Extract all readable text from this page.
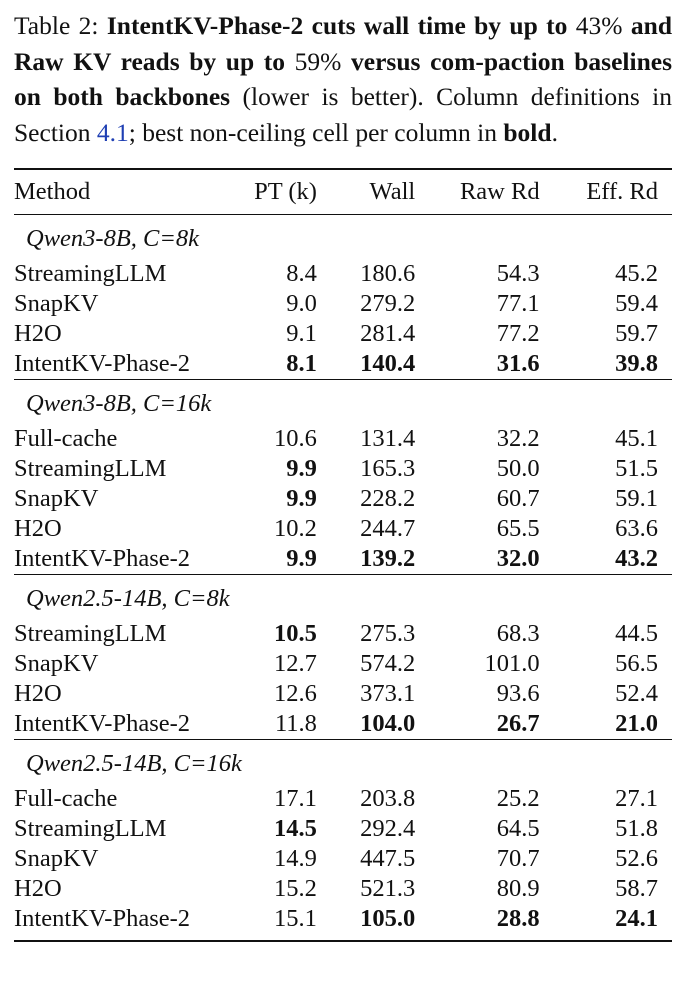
Table 2: IntentKV-Phase-2 cuts wall time by up to 43% and Raw KV reads by up to 59% versus com-paction baselines on both backbones (lower is better). Column definitions in Section 4.1; best non-ceiling cell per column in bold.
Method	PT (k)	Wall	Raw Rd	Eff. Rd

Qwen3-8B, C=8k				
StreamingLLM	8.4	180.6	54.3	45.2
SnapKV	9.0	279.2	77.1	59.4
H2O	9.1	281.4	77.2	59.7
IntentKV-Phase-2	8.1	140.4	31.6	39.8

Qwen3-8B, C=16k				
Full-cache	10.6	131.4	32.2	45.1
StreamingLLM	9.9	165.3	50.0	51.5
SnapKV	9.9	228.2	60.7	59.1
H2O	10.2	244.7	65.5	63.6
IntentKV-Phase-2	9.9	139.2	32.0	43.2

Qwen2.5-14B, C=8k				
StreamingLLM	10.5	275.3	68.3	44.5
SnapKV	12.7	574.2	101.0	56.5
H2O	12.6	373.1	93.6	52.4
IntentKV-Phase-2	11.8	104.0	26.7	21.0

Qwen2.5-14B, C=16k				
Full-cache	17.1	203.8	25.2	27.1
StreamingLLM	14.5	292.4	64.5	51.8
SnapKV	14.9	447.5	70.7	52.6
H2O	15.2	521.3	80.9	58.7
IntentKV-Phase-2	15.1	105.0	28.8	24.1
